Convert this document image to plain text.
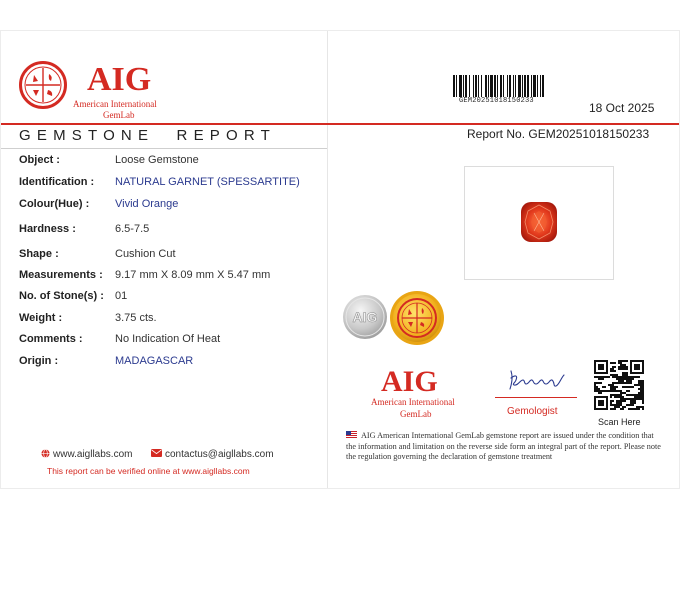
AIG
American International
GemLab
GEM20251018150233	18 Oct 2025
GEMSTONE REPORT	Report No. GEM20251018150233
Object :	Loose Gemstone
Identification : NATURAL GARNET (SPESSARTITE)
Colour(Hue) : Vivid Orange
Hardness :	6.5-7.5
Shape :	Cushion Cut
Measurements : 9.17 mm X 8.09 mm X 5.47 mm
No. of Stone(s) : 01
Weight :	3.75 cts.
Comments :	No Indication Of Heat
Origin :	MADAGASCAR
AIG
AIG
American International
GemLab	Gemologist
Scan Here
AIG American International GemLab gemstone report are issued under the condition that the information and limitation on the reverse side form an integral part of the report. Please note the regulation governing the declaration of gemstone treatment
www.aigllabs.com	contactus@aigllabs.com
This report can be verified online at www.aigllabs.com
